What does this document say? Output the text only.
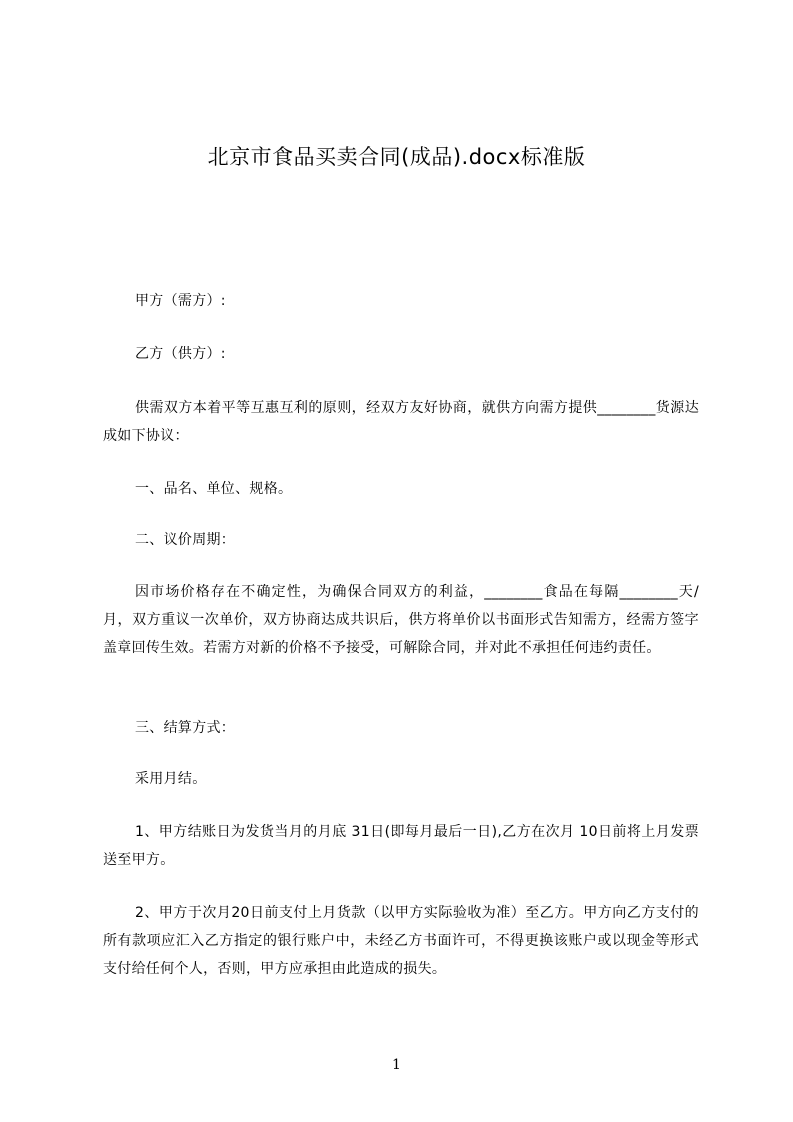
北京市食品买卖合同(成品).docx标准版
甲方（需方）:
乙方（供方）:
供需双方本着平等互惠互利的原则，经双方友好协商，就供方向需方提供________货源达成如下协议：
一、品名、单位、规格。
二、议价周期：
因市场价格存在不确定性，为确保合同双方的利益，________食品在每隔________天/月，双方重议一次单价，双方协商达成共识后，供方将单价以书面形式告知需方，经需方签字盖章回传生效。若需方对新的价格不予接受，可解除合同，并对此不承担任何违约责任。
三、结算方式：
采用月结。
1、甲方结账日为发货当月的月底 31日(即每月最后一日),乙方在次月 10日前将上月发票送至甲方。
2、甲方于次月20日前支付上月货款（以甲方实际验收为准）至乙方。甲方向乙方支付的所有款项应汇入乙方指定的银行账户中，未经乙方书面许可，不得更换该账户或以现金等形式支付给任何个人，否则，甲方应承担由此造成的损失。
1
